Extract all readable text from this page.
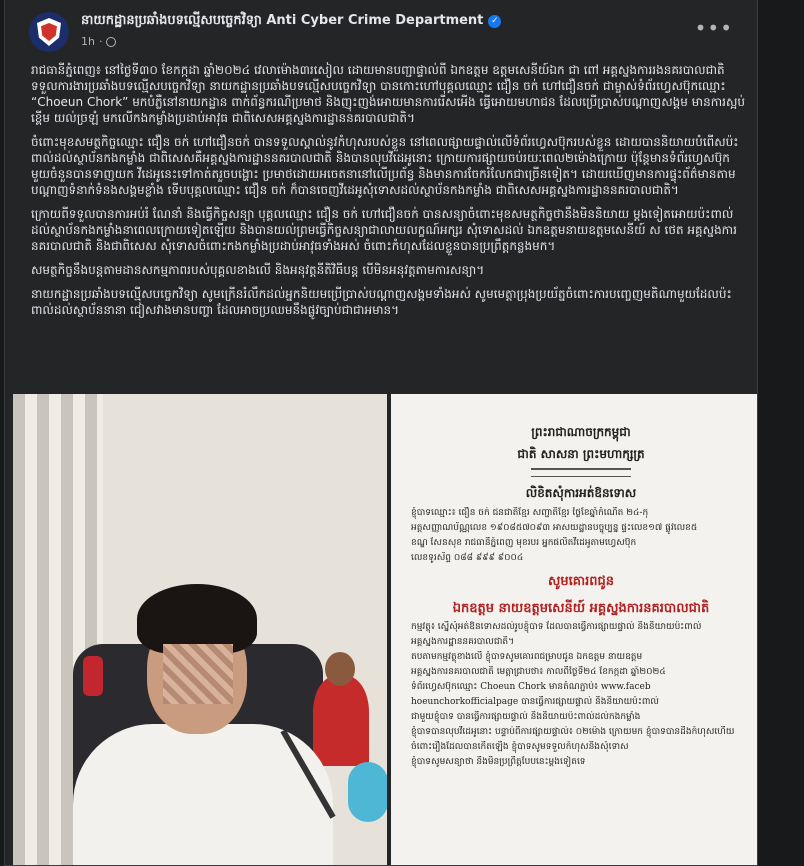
នាយកដ្ឋានប្រឆាំងបទល្មើសបច្ចេកវិទ្យា Anti Cyber Crime Department ✓
1h ·
•••

រាជធានីភ្នំពេញ៖ នៅថ្ងៃទី៣០ ខែកក្កដា ឆ្នាំ២០២៤ វេលាម៉ោង៣រសៀល ដោយមានបញ្ជាផ្ទាល់ពី ឯកឧត្តម ឧត្តមសេនីយ៍ឯក ជា ពៅ អគ្គស្នងការរងនគរបាលជាតិ ទទួលការងារប្រឆាំងបទល្មើសបច្ចេកវិទ្យា នាយកដ្ឋានប្រឆាំងបទល្មើសបច្ចេកវិទ្យា បានកោះហៅបុគ្គលឈ្មោះ ជឿន ចក់ ហៅជឿនចក់ ជាម្ចាស់ទំព័រហ្វេសប៊ុកឈ្មោះ “Choeun Chork” មកបំភ្លឺនៅនាយកដ្ឋាន ពាក់ព័ន្ធករណីប្រមាថ និងញុះញង់អោយមានការរើសអើង ធ្វើអោយមហាជន ដែលប្រើប្រាស់បណ្តាញសង្គម មានការស្អប់ខ្ពើម យល់ច្រឡំ មកលើកងកម្លាំងប្រដាប់អាវុធ ជាពិសេសអគ្គស្នងការដ្ឋាននគរបាលជាតិ។

ចំពោះមុខសមត្ថកិច្ចឈ្មោះ ជឿន ចក់ ហៅជឿនចក់ បានទទួលស្គាល់នូវកំហុសរបស់ខ្លួន នៅពេលផ្សាយផ្ទាល់លើទំព័រហ្វេសប៊ុករបស់ខ្លួន ដោយបាននិយាយបំពើសប៉ះពាល់ដល់ស្ថាប័នកងកម្លាំង ជាពិសេសគឺអគ្គស្នងការដ្ឋាននគរបាលជាតិ និងបានលុបវីដេអូនោះ ក្រោយការផ្សាយចប់រយៈពេល២ម៉ោងក្រោយ ប៉ុន្តែមានទំព័រហ្វេសប៊ុកមួយចំនួនបានទាញយក វីដេអូនេះទៅកាត់តរួចបង្ហោះ ប្រមាថដោយអចេតនានៅលើប្រព័ន្ធ និងមានការចែករំលែកជាច្រើនទៀត។ ដោយឃើញមានការផ្ទុះព័ត៌មានតាមបណ្តាញទំនាក់ទំនងសង្គមខ្លាំង ទើបបុគ្គលឈ្មោះ ជឿន ចក់ ក៏បានចេញវីដេអូសុំទោសដល់ស្ថាប័នកងកម្លាំង ជាពិសេសអគ្គស្នងការដ្ឋាននគរបាលជាតិ។

ក្រោយពីទទួលបានការអប់រំ ណែនាំ និងធ្វើកិច្ចសន្យា បុគ្គលឈ្មោះ ជឿន ចក់ ហៅជឿនចក់ បានសន្យាចំពោះមុខសមត្ថកិច្ចថានឹងមិននិយាយ ម្ដងទៀតអោយប៉ះពាល់ដល់ស្ថាប័នកងកម្លាំងនាពេលក្រោយទៀតឡើយ និងបានយល់ព្រមធ្វើកិច្ចសន្យាជាលាយលក្ខណ៍អក្សរ សុំទោសដល់ ឯកឧត្តមនាយឧត្តមសេនីយ៍ ស ថេត អគ្គស្នងការនគរបាលជាតិ និងជាពិសេស សុំទោសចំពោះកងកម្លាំងប្រដាប់អាវុធទាំងអស់ ចំពោះកំហុសដែលខ្លួនបានប្រព្រឹត្តកន្លងមក។

សមត្ថកិច្ចនឹងបន្តតាមដានសកម្មភាពរបស់បុគ្គលខាងលើ និងអនុវត្តនីតិវិធីបន្ត បើមិនអនុវត្តតាមការសន្យា។

នាយកដ្ឋានប្រឆាំងបទល្មើសបច្ចេកវិទ្យា សូមក្រើនរំលឹកដល់អ្នកនិយមប្រើប្រាស់បណ្តាញសង្គមទាំងអស់ សូមមេត្តាប្រុងប្រយ័ត្នចំពោះការបញ្ចេញមតិណាមួយដែលប៉ះពាល់ដល់ស្ថាប័ននានា ជៀសវាងមានបញ្ហា ដែលអាចប្រឈមនឹងផ្លូវច្បាប់ជាជាអមាន។

ព្រះរាជាណាចក្រកម្ពុជា
ជាតិ សាសនា ព្រះមហាក្សត្រ
លិខិតសុំការអត់ឱនទោស
ខ្ញុំបាទឈ្មោះ៖ ជឿន ចក់ ជនជាតិខ្មែរ សញ្ជាតិខ្មែរ ថ្ងៃខែឆ្នាំកំណើត ២៤-កុ
អត្តសញ្ញាណប័ណ្ណលេខ ១៩០៨៥៧០៩៣ អាសយដ្ឋានបច្ចុប្បន្ន ផ្ទះលេខ១៧ ផ្លូវលេខ៥
ខណ្ឌ សែនសុខ រាជធានីភ្នំពេញ មុខរបរ អ្នកផលិតវីដេអូតាមហ្វេសប៊ុក
លេខទូរស័ព្ទ ០៨៨ ៩៩៩ ៩០០៤
សូមគោរពជូន
ឯកឧត្តម នាយឧត្តមសេនីយ៍ អគ្គស្នងការនគរបាលជាតិ
កម្មវត្ថុ៖ ស្នើសុំអត់ឱនទោសដល់រូបខ្ញុំបាទ ដែលបានធ្វើការផ្សាយផ្ទាល់ និងនិយាយប៉ះពាល់
អគ្គស្នងការដ្ឋាននគរបាលជាតិ។
តបតាមកម្មវត្ថុខាងលើ ខ្ញុំបាទសូមគោរពជម្រាបជូន ឯកឧត្តម នាយឧត្តម
អគ្គស្នងការនគរបាលជាតិ មេត្តាជ្រាបថា៖ កាលពីថ្ងៃទី២៤ ខែកក្កដា ឆ្នាំ២០២៤
ទំព័រហ្វេសប៊ុកឈ្មោះ Choeun Chork មានតំណភ្ជាប់៖ www.faceb
hoeunchorkofficialpage បានធ្វើការផ្សាយផ្ទាល់ និងនិយាយប៉ះពាល់
ជាមួយខ្ញុំបាទ បានធ្វើការផ្សាយផ្ទាល់ និងនិយាយប៉ះពាល់ដល់កងកម្លាំង
ខ្ញុំបាទបានលុបវីដេអូនោះ បន្ទាប់ពីការផ្សាយផ្ទាល់៖ ០២ម៉ោង ក្រោយមក ខ្ញុំបាទបានដឹងកំហុសហើយ
ចំពោះរឿងដែលបានកើតឡើង ខ្ញុំបាទសូមទទួលកំហុសនិងសុំទោស
ខ្ញុំបាទសូមសន្យាថា នឹងមិនប្រព្រឹត្តបែបនេះម្តងទៀតទេ
